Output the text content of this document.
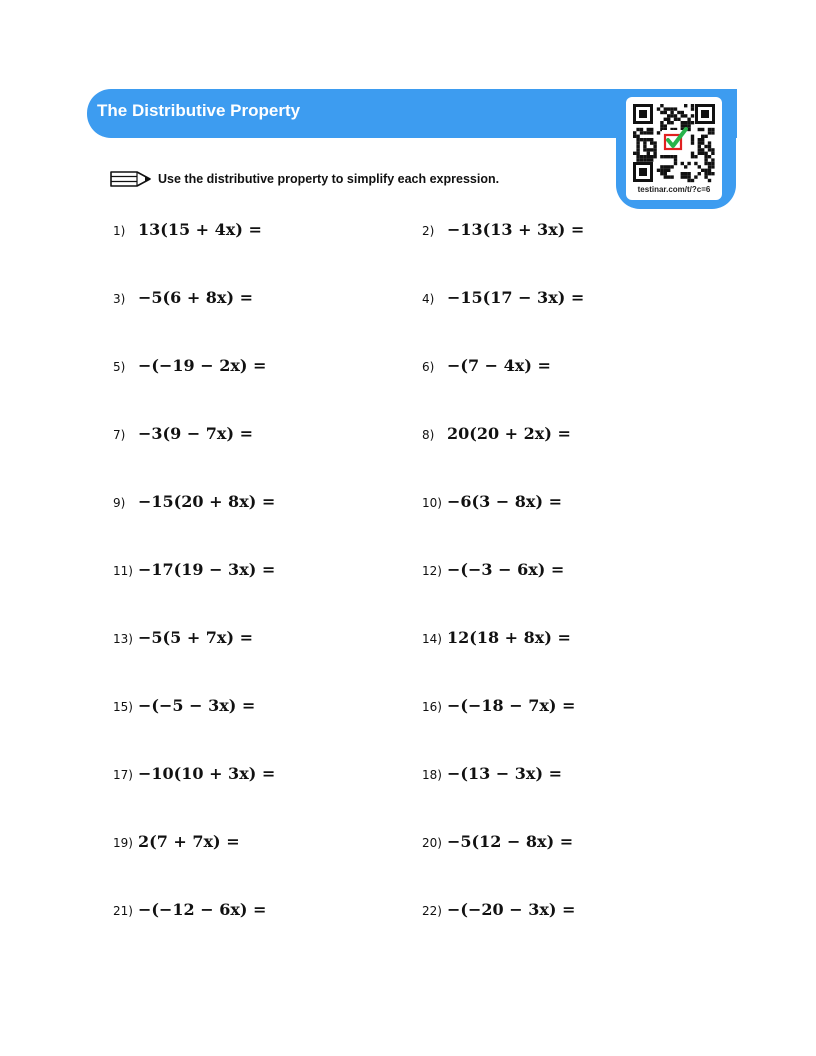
The Distributive Property
testinar.com/t/?c=6
Use the distributive property to simplify each expression.
1) 13(15 + 4x) =	2) −13(13 + 3x) =
3) −5(6 + 8x) =	4) −15(17 − 3x) =
5) −(−19 − 2x) =	6) −(7 − 4x) =
7) −3(9 − 7x) =	8) 20(20 + 2x) =
9) −15(20 + 8x) =	10) −6(3 − 8x) =
11) −17(19 − 3x) =	12) −(−3 − 6x) =
13) −5(5 + 7x) =	14) 12(18 + 8x) =
15) −(−5 − 3x) =	16) −(−18 − 7x) =
17) −10(10 + 3x) =	18) −(13 − 3x) =
19) 2(7 + 7x) =	20) −5(12 − 8x) =
21) −(−12 − 6x) =	22) −(−20 − 3x) =
